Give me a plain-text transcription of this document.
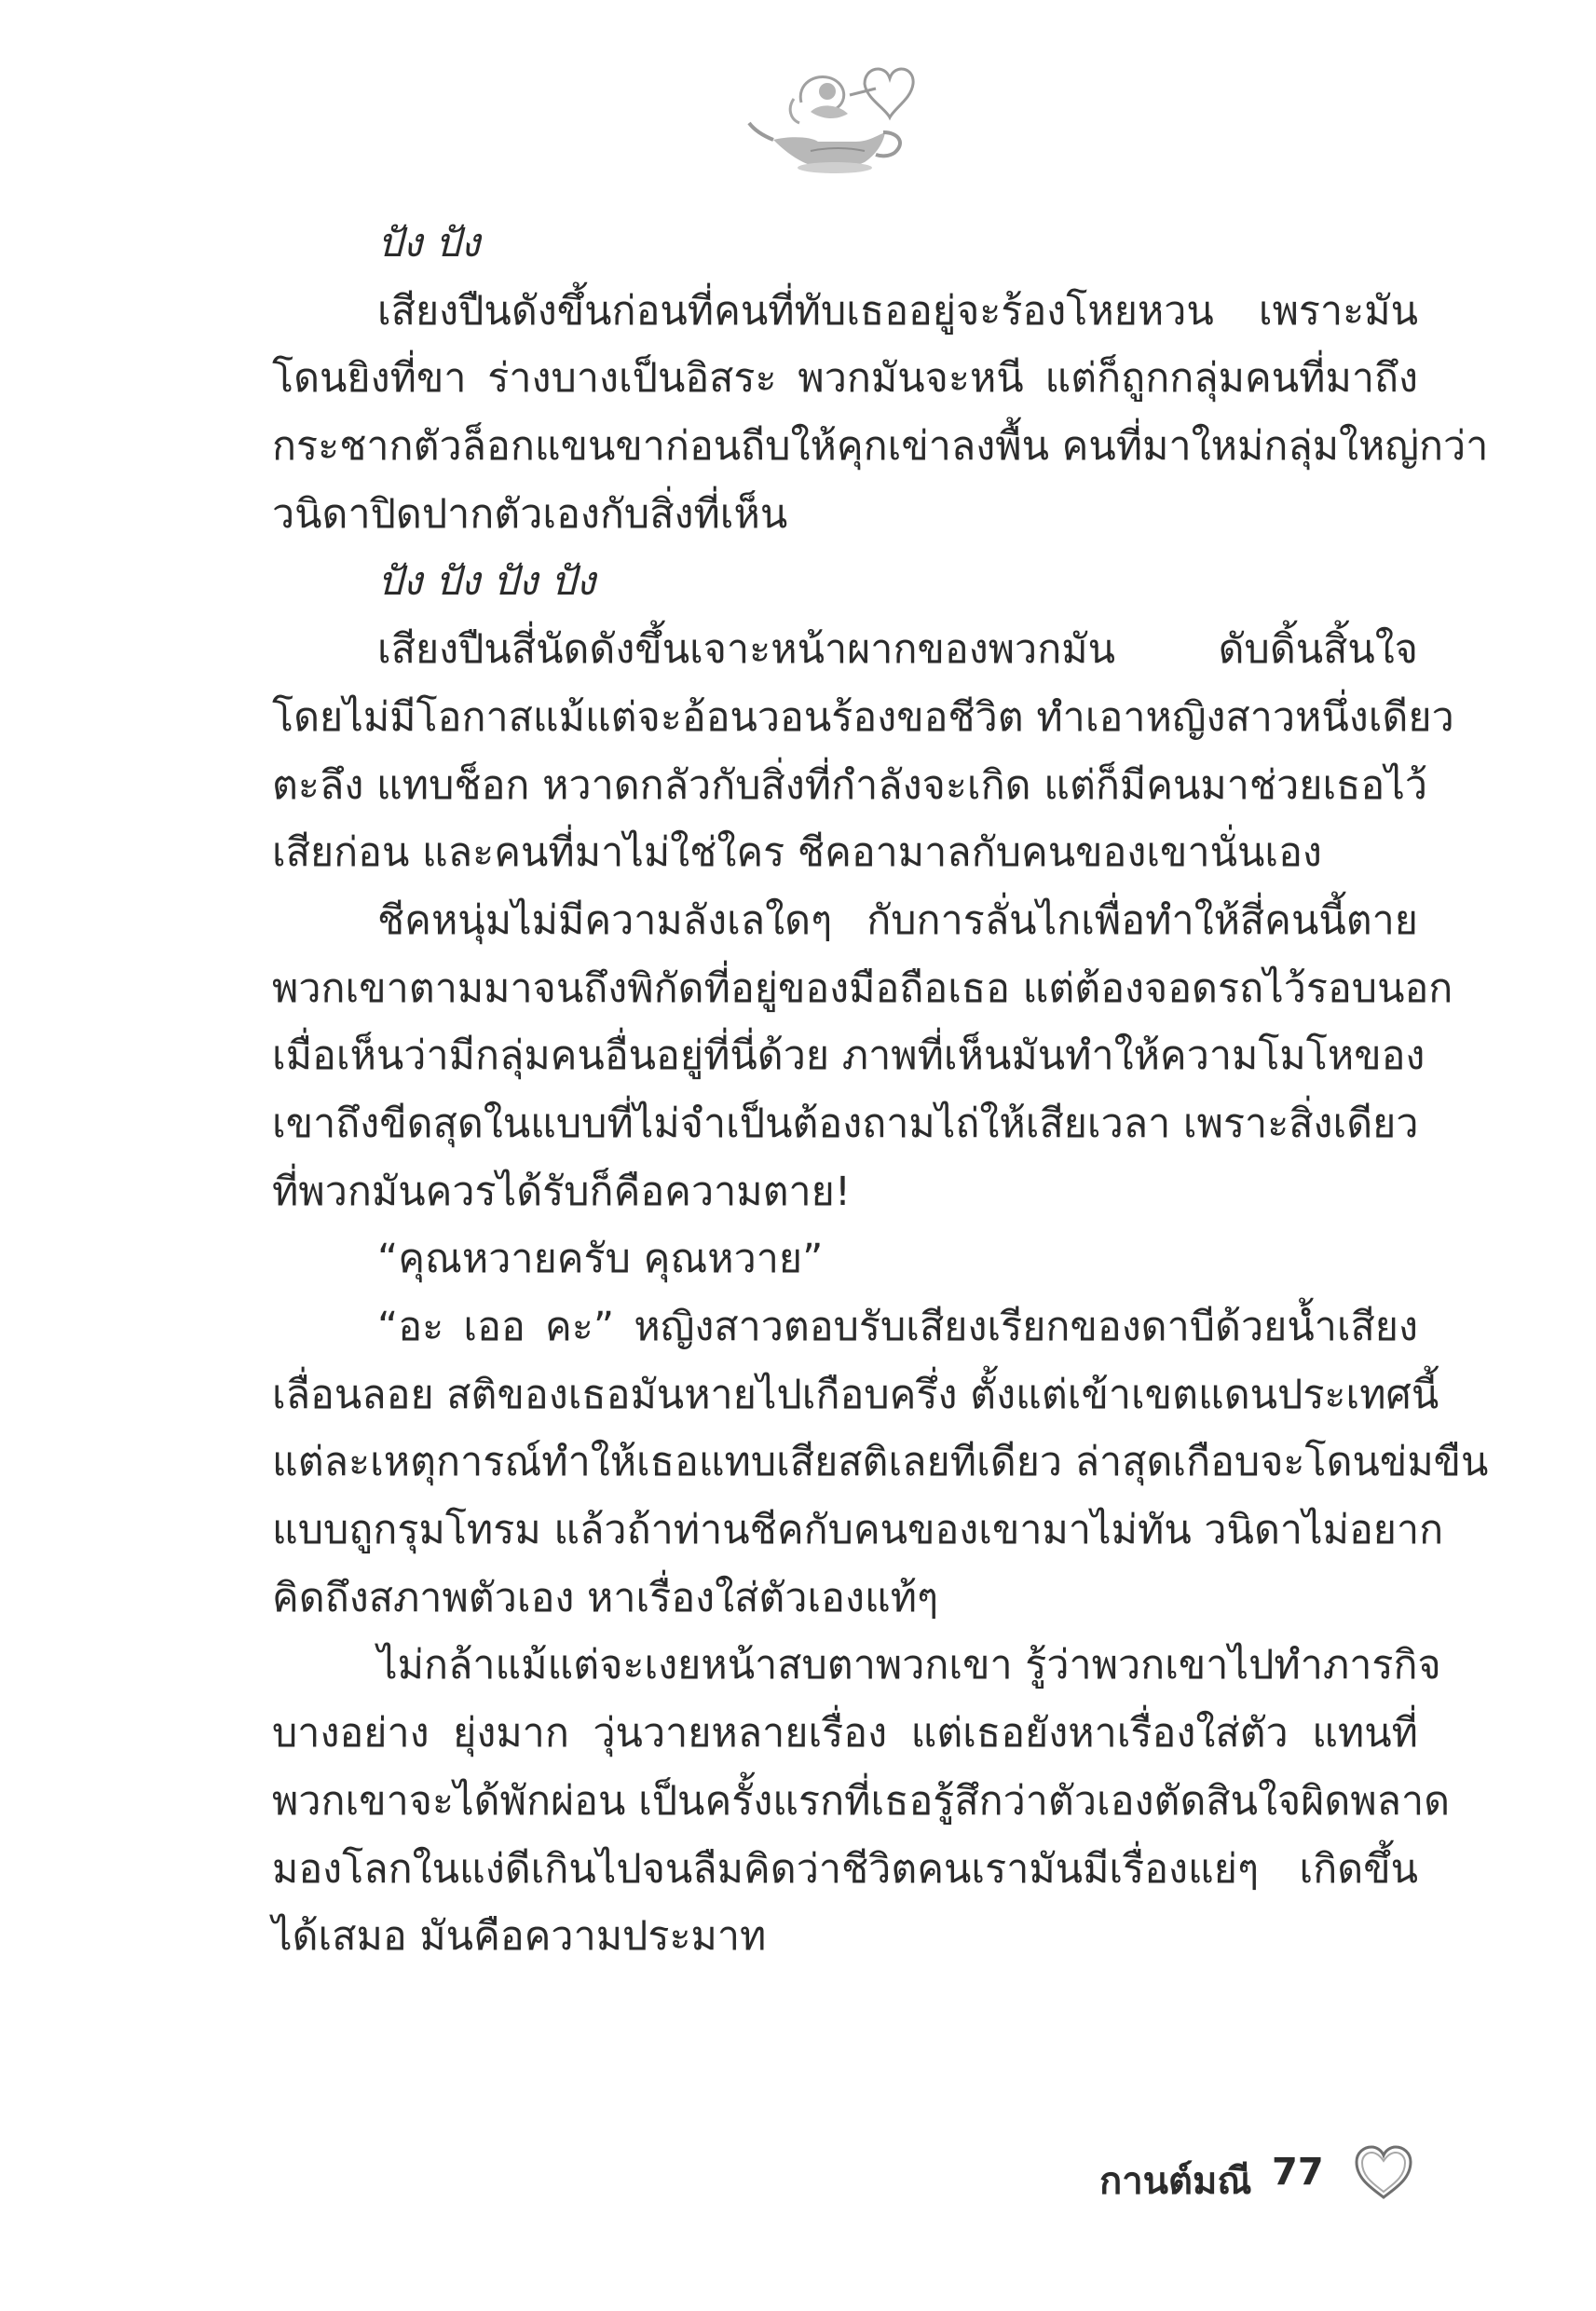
ปัง ปัง
เสียงปืนดังขึ้นก่อนที่คนที่ทับเธออยู่จะร้องโหยหวน เพราะมัน
โดนยิงที่ขา ร่างบางเป็นอิสระ พวกมันจะหนี แต่ก็ถูกกลุ่มคนที่มาถึง
กระชากตัวล็อกแขนขาก่อนถีบให้คุกเข่าลงพื้น คนที่มาใหม่กลุ่มใหญ่กว่า
วนิดาปิดปากตัวเองกับสิ่งที่เห็น
ปัง ปัง ปัง ปัง
เสียงปืนสี่นัดดังขึ้นเจาะหน้าผากของพวกมัน ดับดิ้นสิ้นใจ
โดยไม่มีโอกาสแม้แต่จะอ้อนวอนร้องขอชีวิต ทำเอาหญิงสาวหนึ่งเดียว
ตะลึง แทบช็อก หวาดกลัวกับสิ่งที่กำลังจะเกิด แต่ก็มีคนมาช่วยเธอไว้
เสียก่อน และคนที่มาไม่ใช่ใคร ชีคอามาลกับคนของเขานั่นเอง
ชีคหนุ่มไม่มีความลังเลใดๆ กับการลั่นไกเพื่อทำให้สี่คนนี้ตาย
พวกเขาตามมาจนถึงพิกัดที่อยู่ของมือถือเธอ แต่ต้องจอดรถไว้รอบนอก
เมื่อเห็นว่ามีกลุ่มคนอื่นอยู่ที่นี่ด้วย ภาพที่เห็นมันทำให้ความโมโหของ
เขาถึงขีดสุดในแบบที่ไม่จำเป็นต้องถามไถ่ให้เสียเวลา เพราะสิ่งเดียว
ที่พวกมันควรได้รับก็คือความตาย!
“คุณหวายครับ คุณหวาย”
“อะ เออ คะ” หญิงสาวตอบรับเสียงเรียกของดาบีด้วยน้ำเสียง
เลื่อนลอย สติของเธอมันหายไปเกือบครึ่ง ตั้งแต่เข้าเขตแดนประเทศนี้
แต่ละเหตุการณ์ทำให้เธอแทบเสียสติเลยทีเดียว ล่าสุดเกือบจะโดนข่มขืน
แบบถูกรุมโทรม แล้วถ้าท่านชีคกับคนของเขามาไม่ทัน วนิดาไม่อยาก
คิดถึงสภาพตัวเอง หาเรื่องใส่ตัวเองแท้ๆ
ไม่กล้าแม้แต่จะเงยหน้าสบตาพวกเขา รู้ว่าพวกเขาไปทำภารกิจ
บางอย่าง ยุ่งมาก วุ่นวายหลายเรื่อง แต่เธอยังหาเรื่องใส่ตัว แทนที่
พวกเขาจะได้พักผ่อน เป็นครั้งแรกที่เธอรู้สึกว่าตัวเองตัดสินใจผิดพลาด
มองโลกในแง่ดีเกินไปจนลืมคิดว่าชีวิตคนเรามันมีเรื่องแย่ๆ เกิดขึ้น
ได้เสมอ มันคือความประมาท
กานต์มณี 77
